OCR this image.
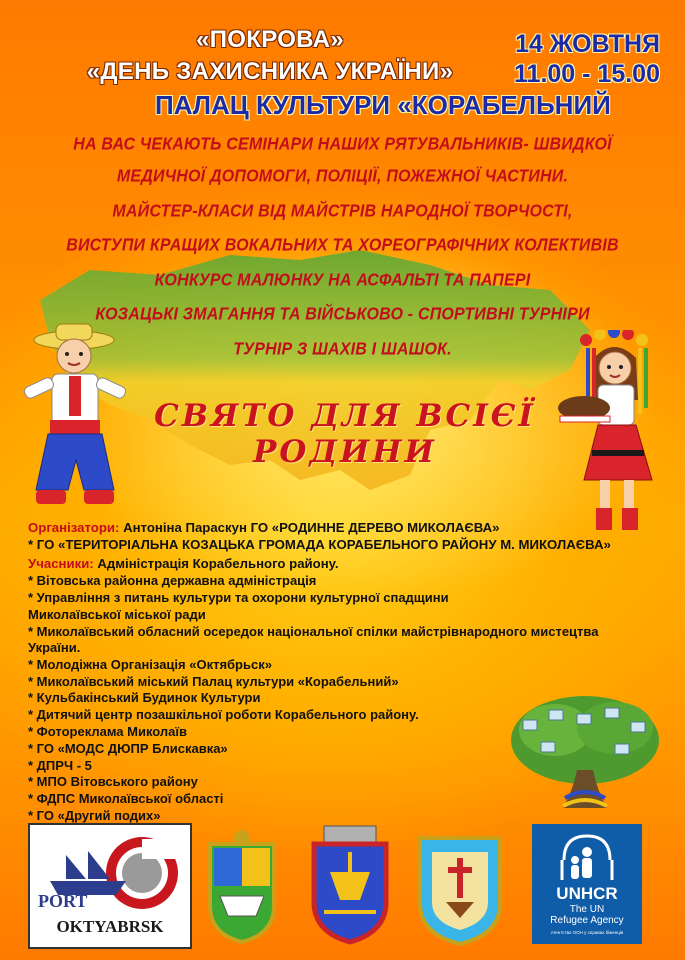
«ПОКРОВА»
«ДЕНЬ ЗАХИСНИКА УКРАЇНИ»
14 ЖОВТНЯ
11.00 - 15.00
ПАЛАЦ КУЛЬТУРИ «КОРАБЕЛЬНИЙ
НА ВАС ЧЕКАЮТЬ СЕМІНАРИ НАШИХ РЯТУВАЛЬНИКІВ- ШВИДКОЇ
МЕДИЧНОЇ ДОПОМОГИ, ПОЛІЦІЇ, ПОЖЕЖНОЇ ЧАСТИНИ.
МАЙСТЕР-КЛАСИ ВІД МАЙСТРІВ НАРОДНОЇ ТВОРЧОСТІ,
ВИСТУПИ КРАЩИХ ВОКАЛЬНИХ ТА ХОРЕОГРАФІЧНИХ КОЛЕКТИВІВ
КОНКУРС МАЛЮНКУ НА АСФАЛЬТІ ТА ПАПЕРІ
КОЗАЦЬКІ ЗМАГАННЯ ТА ВІЙСЬКОВО - СПОРТИВНІ ТУРНІРИ
ТУРНІР З ШАХІВ І ШАШОК.
СВЯТО ДЛЯ ВСІЄЇ РОДИНИ
Організатори: Антоніна Параскун ГО «РОДИННЕ ДЕРЕВО МИКОЛАЄВА»
* ГО «ТЕРИТОРІАЛЬНА КОЗАЦЬКА ГРОМАДА КОРАБЕЛЬНОГО РАЙОНУ М. МИКОЛАЄВА»
Учасники: Адміністрація Корабельного району.
* Вітовська районна державна адміністрація
* Управління з питань культури та охорони культурної спадщини
Миколаївської міської ради
* Миколаївський обласний осередок національної спілки майстрівнародного мистецтва
України.
* Молодіжна Організація «Октябрьск»
* Миколаївський міський Палац культури «Корабельний»
* Кульбакінський Будинок Культури
* Дитячий центр позашкільної роботи Корабельного району.
* Фотореклама Миколаїв
* ГО «МОДС ДЮПР Блискавка»
* ДПРЧ - 5
* МПО Вітовського району
* ФДПС Миколаївської області
* ГО «Другий подих»
PORT
OKTYABRSK
UNHCR
The UN
Refugee Agency
Агентство ООН у справах біженців
